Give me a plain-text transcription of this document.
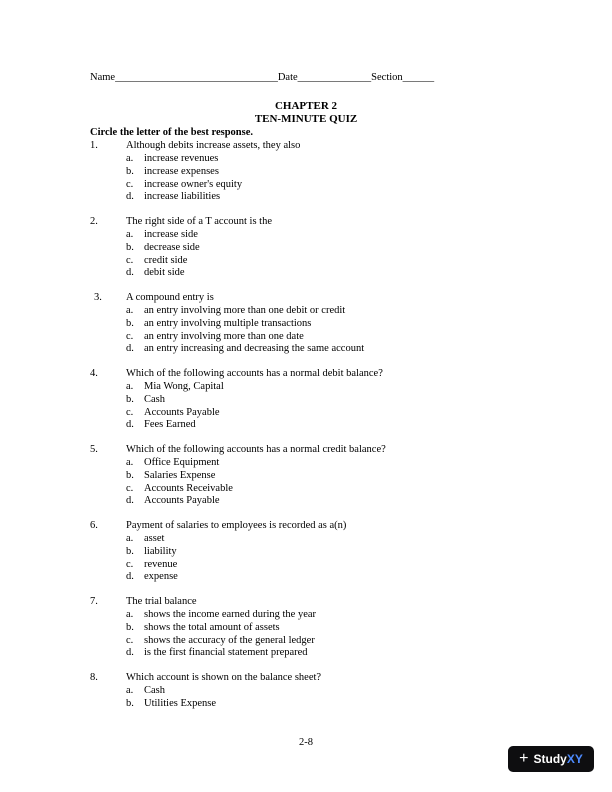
Name_______________________________Date______________Section______
CHAPTER 2
TEN-MINUTE QUIZ
Circle the letter of the best response.
1.	Although debits increase assets, they also
a. increase revenues
b. increase expenses
c. increase owner's equity
d. increase liabilities
2.	The right side of a T account is the
a. increase side
b. decrease side
c. credit side
d. debit side
3. A compound entry is
a. an entry involving more than one debit or credit
b. an entry involving multiple transactions
c. an entry involving more than one date
d. an entry increasing and decreasing the same account
4.	Which of the following accounts has a normal debit balance?
a. Mia Wong, Capital
b. Cash
c. Accounts Payable
d. Fees Earned
5.	Which of the following accounts has a normal credit balance?
a. Office Equipment
b. Salaries Expense
c. Accounts Receivable
d. Accounts Payable
6.	Payment of salaries to employees is recorded as a(n)
a. asset
b. liability
c. revenue
d. expense
7.	The trial balance
a. shows the income earned during the year
b. shows the total amount of assets
c. shows the accuracy of the general ledger
d. is the first financial statement prepared
8.	Which account is shown on the balance sheet?
a. Cash
b. Utilities Expense
2-8
+ StudyXY
